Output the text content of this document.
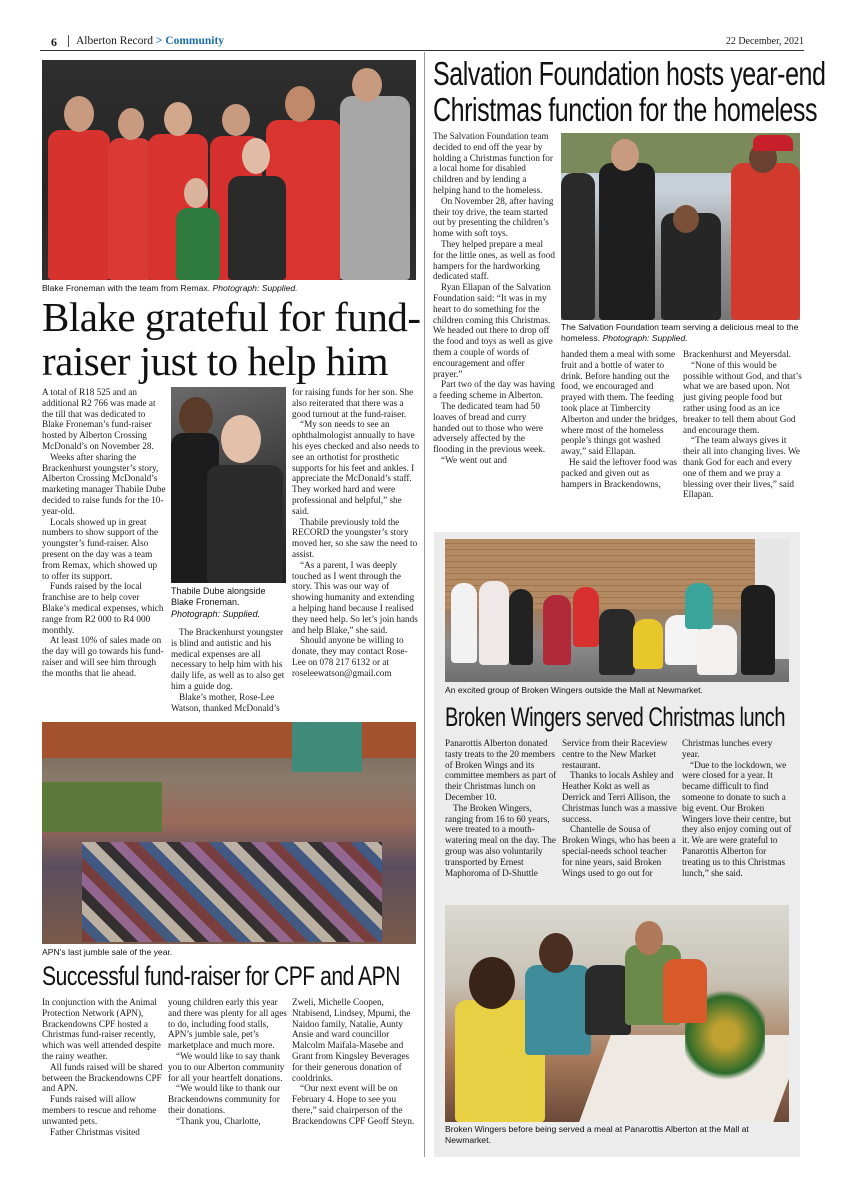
6 Alberton Record > Community	22 December, 2021
Blake Froneman with the team from Remax. Photograph: Supplied.
Blake grateful for fund-
raiser just to help him

A total of R18 525 and an additional R2 766 was made at the till that was dedicated to Blake Froneman’s fund-raiser hosted by Alberton Crossing McDonald’s on November 28.

Weeks after sharing the Brackenhurst youngster’s story, Alberton Crossing McDonald’s marketing manager Thabile Dube decided to raise funds for the 10-year-old.

Locals showed up in great numbers to show support of the youngster’s fund-raiser. Also present on the day was a team from Remax, which showed up to offer its support.

Funds raised by the local franchise are to help cover Blake’s medical expenses, which range from R2 000 to R4 000 monthly.

At least 10% of sales made on the day will go towards his fund-raiser and will see him through the months that lie ahead.

Thabile Dube alongside Blake Froneman.
Photograph: Supplied.

The Brackenhurst youngster is blind and autistic and his medical expenses are all necessary to help him with his daily life, as well as to also get him a guide dog.

Blake’s mother, Rose-Lee Watson, thanked McDonald’s

for raising funds for her son. She also reiterated that there was a good turnout at the fund-raiser.

“My son needs to see an ophthalmologist annually to have his eyes checked and also needs to see an orthotist for prosthetic supports for his feet and ankles. I appreciate the McDonald’s staff. They worked hard and were professional and helpful,” she said.

Thabile previously told the RECORD the youngster’s story moved her, so she saw the need to assist.

“As a parent, I was deeply touched as I went through the story. This was our way of showing humanity and extending a helping hand because I realised they need help. So let’s join hands and help Blake,” she said.

Should anyone be willing to donate, they may contact Rose-Lee on 078 217 6132 or at roseleewatson@gmail.com

APN’s last jumble sale of the year.
Successful fund-raiser for CPF and APN

In conjunction with the Animal Protection Network (APN), Brackendowns CPF hosted a Christmas fund-raiser recently, which was well attended despite the rainy weather.

All funds raised will be shared between the Brackendowns CPF and APN.

Funds raised will allow members to rescue and rehome unwanted pets.

Father Christmas visited

young children early this year and there was plenty for all ages to do, including food stalls, APN’s jumble sale, pet’s marketplace and much more.

“We would like to say thank you to our Alberton community for all your heartfelt donations.

“We would like to thank our Brackendowns community for their donations.

“Thank you, Charlotte,

Zweli, Michelle Coopen, Ntabisend, Lindsey, Mpumi, the Naidoo family, Natalie, Aunty Ansie and ward councillor Malcolm Maifala-Masebe and Grant from Kingsley Beverages for their generous donation of cooldrinks.

“Our next event will be on February 4. Hope to see you there,” said chairperson of the Brackendowns CPF Geoff Steyn.

Salvation Foundation hosts year-end
Christmas function for the homeless

The Salvation Foundation team decided to end off the year by holding a Christmas function for a local home for disabled children and by lending a helping hand to the homeless.

On November 28, after having their toy drive, the team started out by presenting the children’s home with soft toys.

They helped prepare a meal for the little ones, as well as food hampers for the hardworking dedicated staff.

Ryan Ellapan of the Salvation Foundation said: “It was in my heart to do something for the children coming this Christmas. We headed out there to drop off the food and toys as well as give them a couple of words of encouragement and offer prayer.”

Part two of the day was having a feeding scheme in Alberton.

The dedicated team had 50 loaves of bread and curry handed out to those who were adversely affected by the flooding in the previous week.

“We went out and

The Salvation Foundation team serving a delicious meal to the homeless. Photograph: Supplied.

handed them a meal with some fruit and a bottle of water to drink. Before handing out the food, we encouraged and prayed with them. The feeding took place at Timbercity Alberton and under the bridges, where most of the homeless people’s things got washed away,” said Ellapan.

He said the leftover food was packed and given out as hampers in Brackendowns,

Brackenhurst and Meyersdal.

“None of this would be possible without God, and that’s what we are based upon. Not just giving people food but rather using food as an ice breaker to tell them about God and encourage them.

“The team always gives it their all into changing lives. We thank God for each and every one of them and we pray a blessing over their lives,” said Ellapan.

An excited group of Broken Wingers outside the Mall at Newmarket.
Broken Wingers served Christmas lunch

Panarottis Alberton donated tasty treats to the 20 members of Broken Wings and its committee members as part of their Christmas lunch on December 10.

The Broken Wingers, ranging from 16 to 60 years, were treated to a mouth-watering meal on the day. The group was also voluntarily transported by Ernest Maphoroma of D-Shuttle

Service from their Raceview centre to the New Market restaurant.

Thanks to locals Ashley and Heather Kokt as well as Derrick and Terri Allison, the Christmas lunch was a massive success.

Chantelle de Sousa of Broken Wings, who has been a special-needs school teacher for nine years, said Broken Wings used to go out for

Christmas lunches every year.

“Due to the lockdown, we were closed for a year. It became difficult to find someone to donate to such a big event. Our Broken Wingers love their centre, but they also enjoy coming out of it. We are were grateful to Panarottis Alberton for treating us to this Christmas lunch,” she said.

Broken Wingers before being served a meal at Panarottis Alberton at the Mall at Newmarket.
